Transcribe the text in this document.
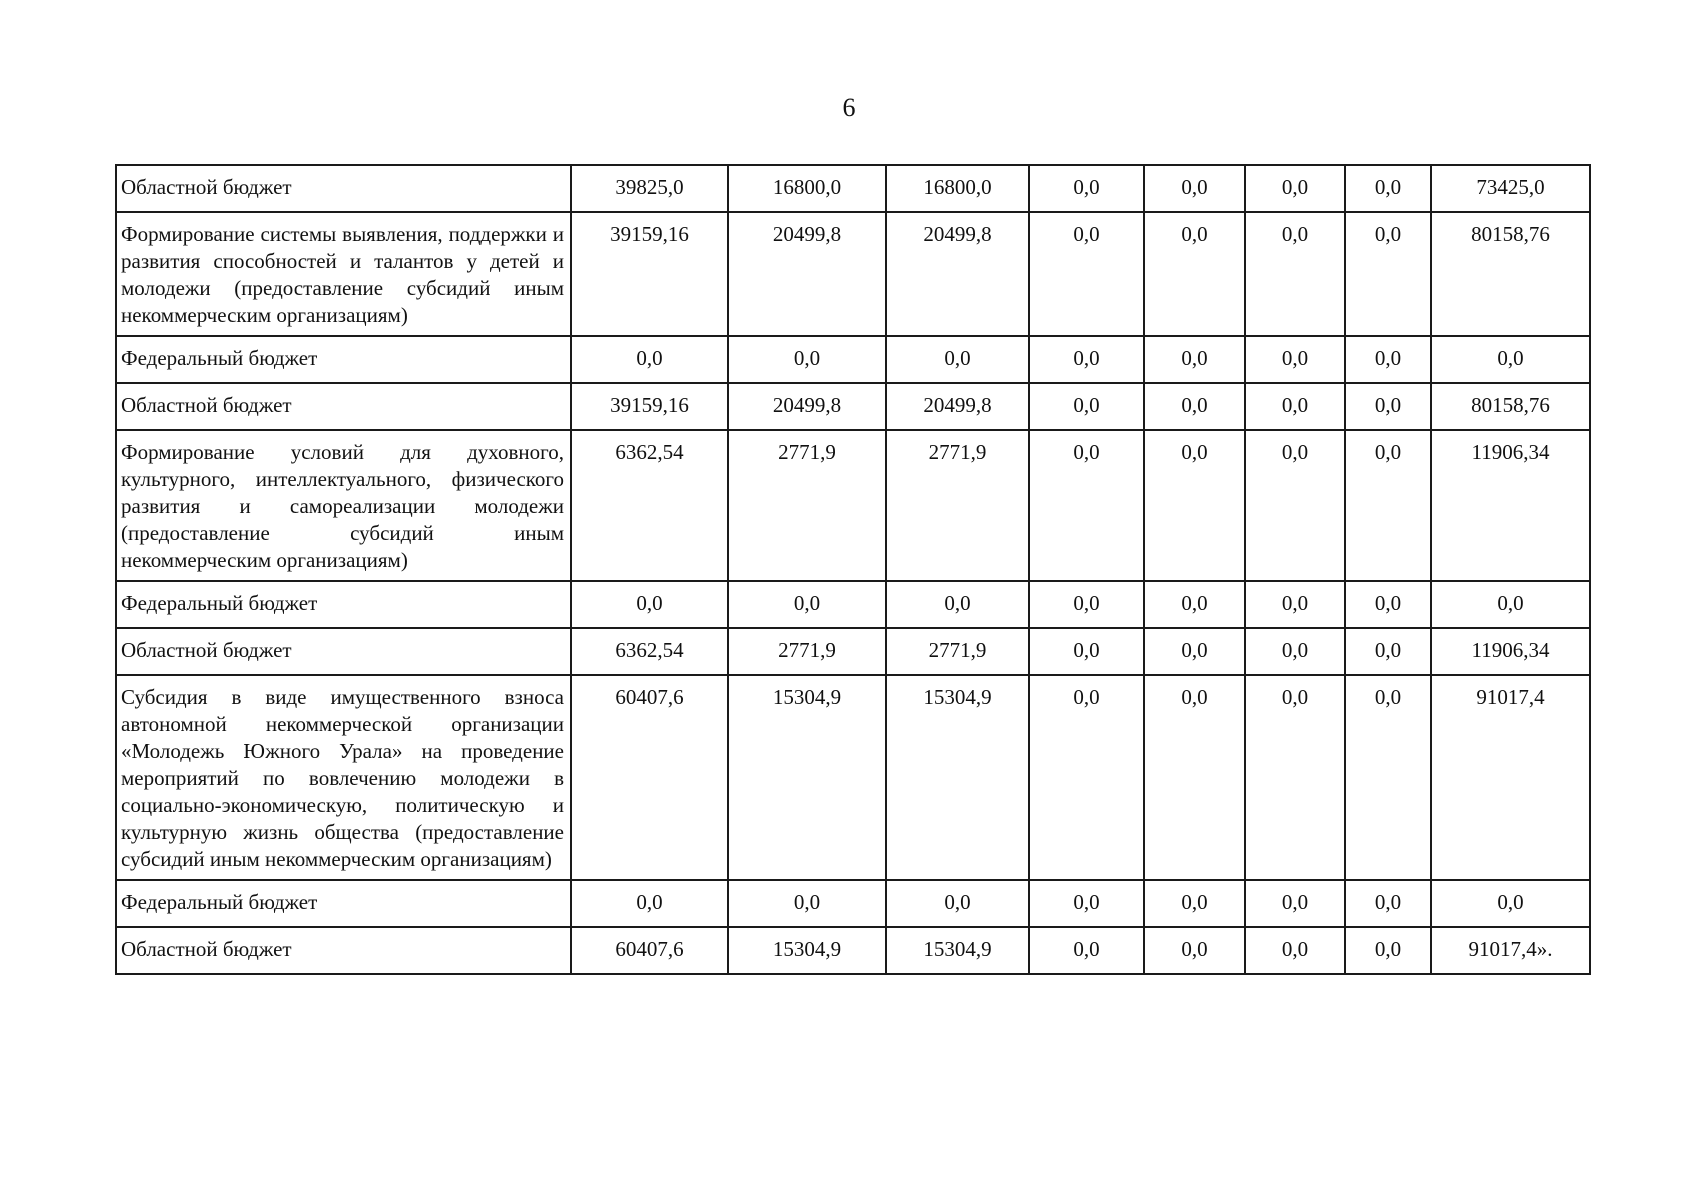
6
Областной бюджет	39825,0	16800,0	16800,0	0,0	0,0	0,0	0,0	73425,0
Формирование системы выявления, поддержки и развития способностей и талантов у детей и молодежи (предоставление субсидий иным некоммерческим организациям)	39159,16	20499,8	20499,8	0,0	0,0	0,0	0,0	80158,76
Федеральный бюджет	0,0	0,0	0,0	0,0	0,0	0,0	0,0	0,0
Областной бюджет	39159,16	20499,8	20499,8	0,0	0,0	0,0	0,0	80158,76
Формирование условий для духовного, культурного, интеллектуального, физического развития и самореализации молодежи (предоставление субсидий иным некоммерческим организациям)	6362,54	2771,9	2771,9	0,0	0,0	0,0	0,0	11906,34
Федеральный бюджет	0,0	0,0	0,0	0,0	0,0	0,0	0,0	0,0
Областной бюджет	6362,54	2771,9	2771,9	0,0	0,0	0,0	0,0	11906,34
Субсидия в виде имущественного взноса автономной некоммерческой организации «Молодежь Южного Урала» на проведение мероприятий по вовлечению молодежи в социально-экономическую, политическую и культурную жизнь общества (предоставление субсидий иным некоммерческим организациям)	60407,6	15304,9	15304,9	0,0	0,0	0,0	0,0	91017,4
Федеральный бюджет	0,0	0,0	0,0	0,0	0,0	0,0	0,0	0,0
Областной бюджет	60407,6	15304,9	15304,9	0,0	0,0	0,0	0,0	91017,4».
